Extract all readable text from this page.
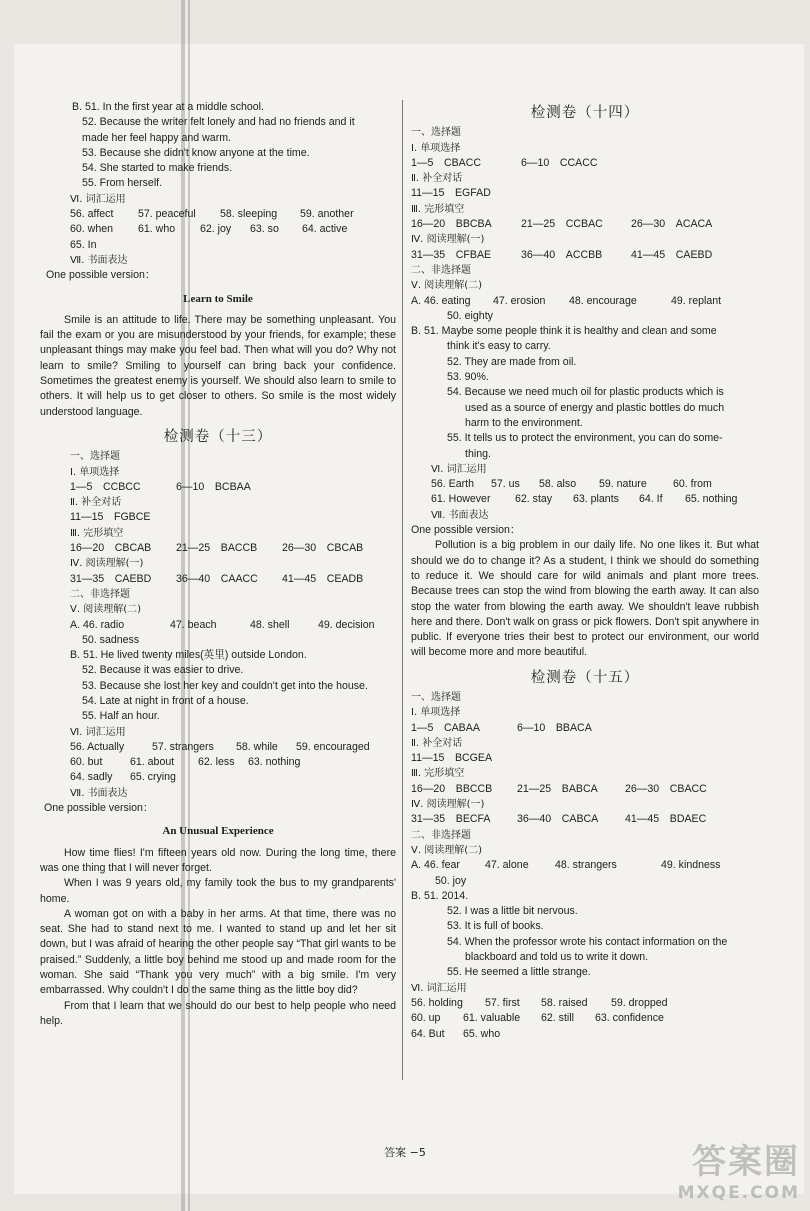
B. 51. In the first year at a middle school.
52. Because the writer felt lonely and had no friends and it
made her feel happy and warm.
53. Because she didn't know anyone at the time.
54. She started to make friends.
55. From herself.
Ⅵ. 词汇运用
56. affect 57. peaceful 58. sleeping 59. another
60. when 61. who 62. joy 63. so 64. active
65. In
Ⅶ. 书面表达
One possible version：
Learn to Smile
Smile is an attitude to life. There may be something unpleasant. You fail the exam or you are misunderstood by your friends, for example; these unpleasant things may make you feel bad. Then what will you do? Why not learn to smile? Smiling to yourself can bring back your confidence. Sometimes the greatest enemy is yourself. We should also learn to smile to others. It will help us to get closer to others. So smile is the most widely understood language.
检测卷（十三）
一、选择题
Ⅰ. 单项选择
1—5　CCBCC	6—10　BCBAA
Ⅱ. 补全对话
11—15　FGBCE
Ⅲ. 完形填空
16—20　CBCAB 21—25　BACCB 26—30　CBCAB
Ⅳ. 阅读理解(一)
31—35　CAEBD 36—40　CAACC 41—45　CEADB
二、非选择题
Ⅴ. 阅读理解(二)
A. 46. radio	47. beach	48. shell	49. decision
50. sadness
B. 51. He lived twenty miles(英里) outside London.
52. Because it was easier to drive.
53. Because she lost her key and couldn't get into the house.
54. Late at night in front of a house.
55. Half an hour.
Ⅵ. 词汇运用
56. Actually	57. strangers 58. while 59. encouraged
60. but	61. about 62. less 63. nothing
64. sadly 65. crying
Ⅶ. 书面表达
One possible version：
An Unusual Experience
How time flies! I'm fifteen years old now. During the long time, there was one thing that I will never forget.
When I was 9 years old, my family took the bus to my grandparents' home.
A woman got on with a baby in her arms. At that time, there was no seat. She had to stand next to me. I wanted to stand up and let her sit down, but I was afraid of hearing the other people say “That girl wants to be praised.” Suddenly, a little boy behind me stood up and made room for the woman. She said “Thank you very much” with a big smile. I'm very embarrassed. Why couldn't I do the same thing as the little boy did?
From that I learn that we should do our best to help people who need help.
检测卷（十四）
一、选择题
Ⅰ. 单项选择
1—5　CBACC	6—10　CCACC
Ⅱ. 补全对话
11—15　EGFAD
Ⅲ. 完形填空
16—20　BBCBA	21—25　CCBAC	26—30　ACACA
Ⅳ. 阅读理解(一)
31—35　CFBAE	36—40　ACCBB	41—45　CAEBD
二、非选择题
Ⅴ. 阅读理解(二)
A. 46. eating 47. erosion 48. encourage	49. replant
50. eighty
B. 51. Maybe some people think it is healthy and clean and some
think it's easy to carry.
52. They are made from oil.
53. 90%.
54. Because we need much oil for plastic products which is
used as a source of energy and plastic bottles do much
harm to the environment.
55. It tells us to protect the environment, you can do some-
thing.
Ⅵ. 词汇运用
56. Earth 57. us 58. also 59. nature 60. from
61. However 62. stay 63. plants 64. If 65. nothing
Ⅶ. 书面表达
One possible version：
Pollution is a big problem in our daily life. No one likes it. But what should we do to change it? As a student, I think we should do something to reduce it. We should care for wild animals and plant more trees. Because trees can stop the wind from blowing the earth away. It can also stop the water from blowing the earth away. We shouldn't leave rubbish here and there. Don't walk on grass or pick flowers. Don't spit anywhere in public. If everyone tries their best to protect our environment, our world will become more and more beautiful.
检测卷（十五）
一、选择题
Ⅰ. 单项选择
1—5　CABAA	6—10　BBACA
Ⅱ. 补全对话
11—15　BCGEA
Ⅲ. 完形填空
16—20　BBCCB 21—25　BABCA	26—30　CBACC
Ⅳ. 阅读理解(一)
31—35　BECFA	36—40　CABCA	41—45　BDAEC
二、非选择题
Ⅴ. 阅读理解(二)
A. 46. fear 47. alone 48. strangers	49. kindness
50. joy
B. 51. 2014.
52. I was a little bit nervous.
53. It is full of books.
54. When the professor wrote his contact information on the
blackboard and told us to write it down.
55. He seemed a little strange.
Ⅵ. 词汇运用
56. holding 57. first 58. raised 59. dropped
60. up 61. valuable 62. still 63. confidence
64. But 65. who
答案 −5	答案圈
MXQE.COM
